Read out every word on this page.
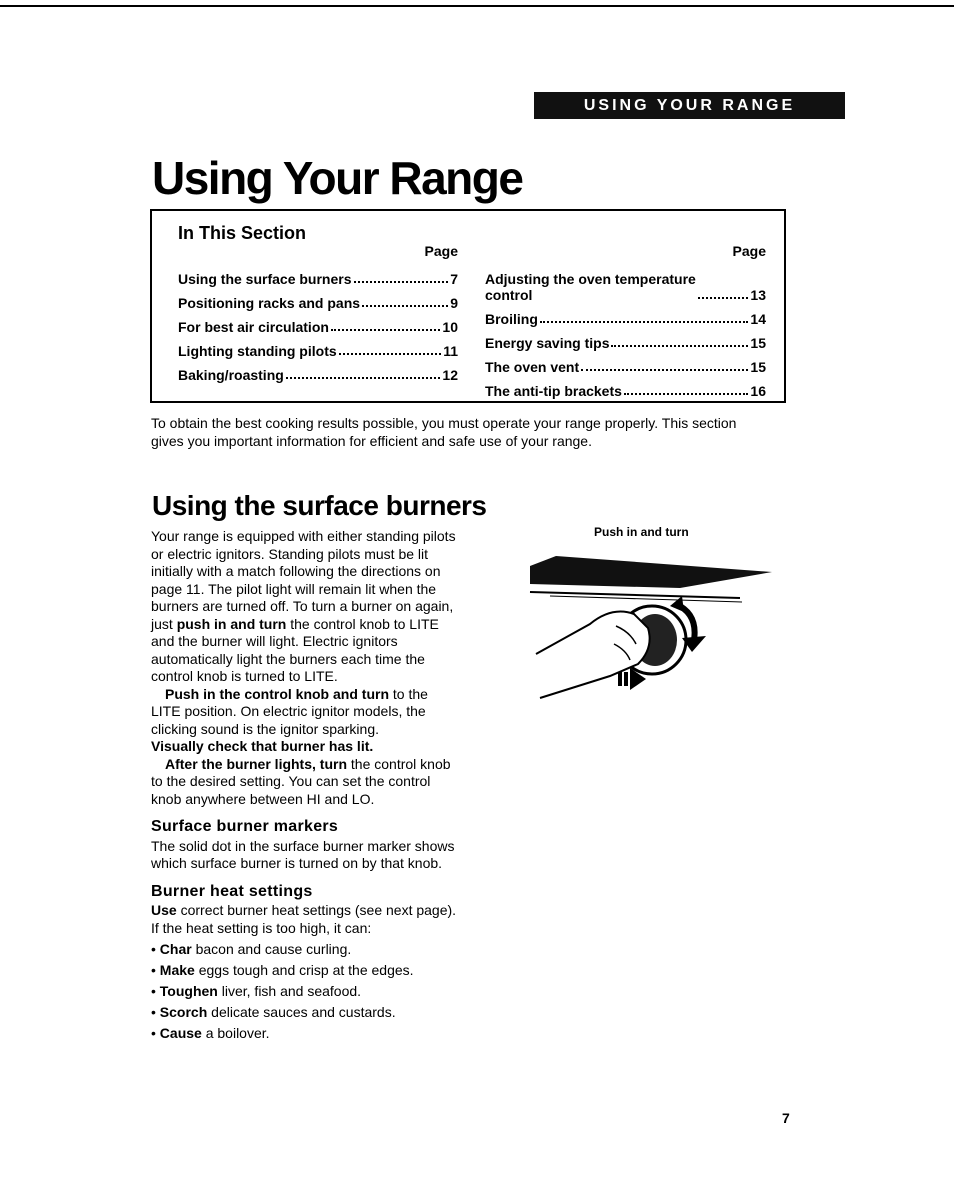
USING YOUR RANGE
Using Your Range
In This Section
Page
Using the surface burners	7
Positioning racks and pans	9
For best air circulation	10
Lighting standing pilots	11
Baking/roasting	12
Page
Adjusting the oven temperature
control	13
Broiling	14
Energy saving tips	15
The oven vent	15
The anti-tip brackets	16

To obtain the best cooking results possible, you must operate your range properly. This section gives you important information for efficient and safe use of your range.

Using the surface burners

Your range is equipped with either standing pilots or electric ignitors. Standing pilots must be lit initially with a match following the directions on page 11. The pilot light will remain lit when the burners are turned off. To turn a burner on again, just push in and turn the control knob to LITE and the burner will light. Electric ignitors automatically light the burners each time the control knob is turned to LITE.

Push in the control knob and turn to the LITE position. On electric ignitor models, the clicking sound is the ignitor sparking.

Visually check that burner has lit.

After the burner lights, turn the control knob to the desired setting. You can set the control knob anywhere between HI and LO.

Surface burner markers

The solid dot in the surface burner marker shows which surface burner is turned on by that knob.

Burner heat settings

Use correct burner heat settings (see next page). If the heat setting is too high, it can:

• Char bacon and cause curling.
• Make eggs tough and crisp at the edges.
• Toughen liver, fish and seafood.
• Scorch delicate sauces and custards.
• Cause a boilover.
Push in and turn
7
